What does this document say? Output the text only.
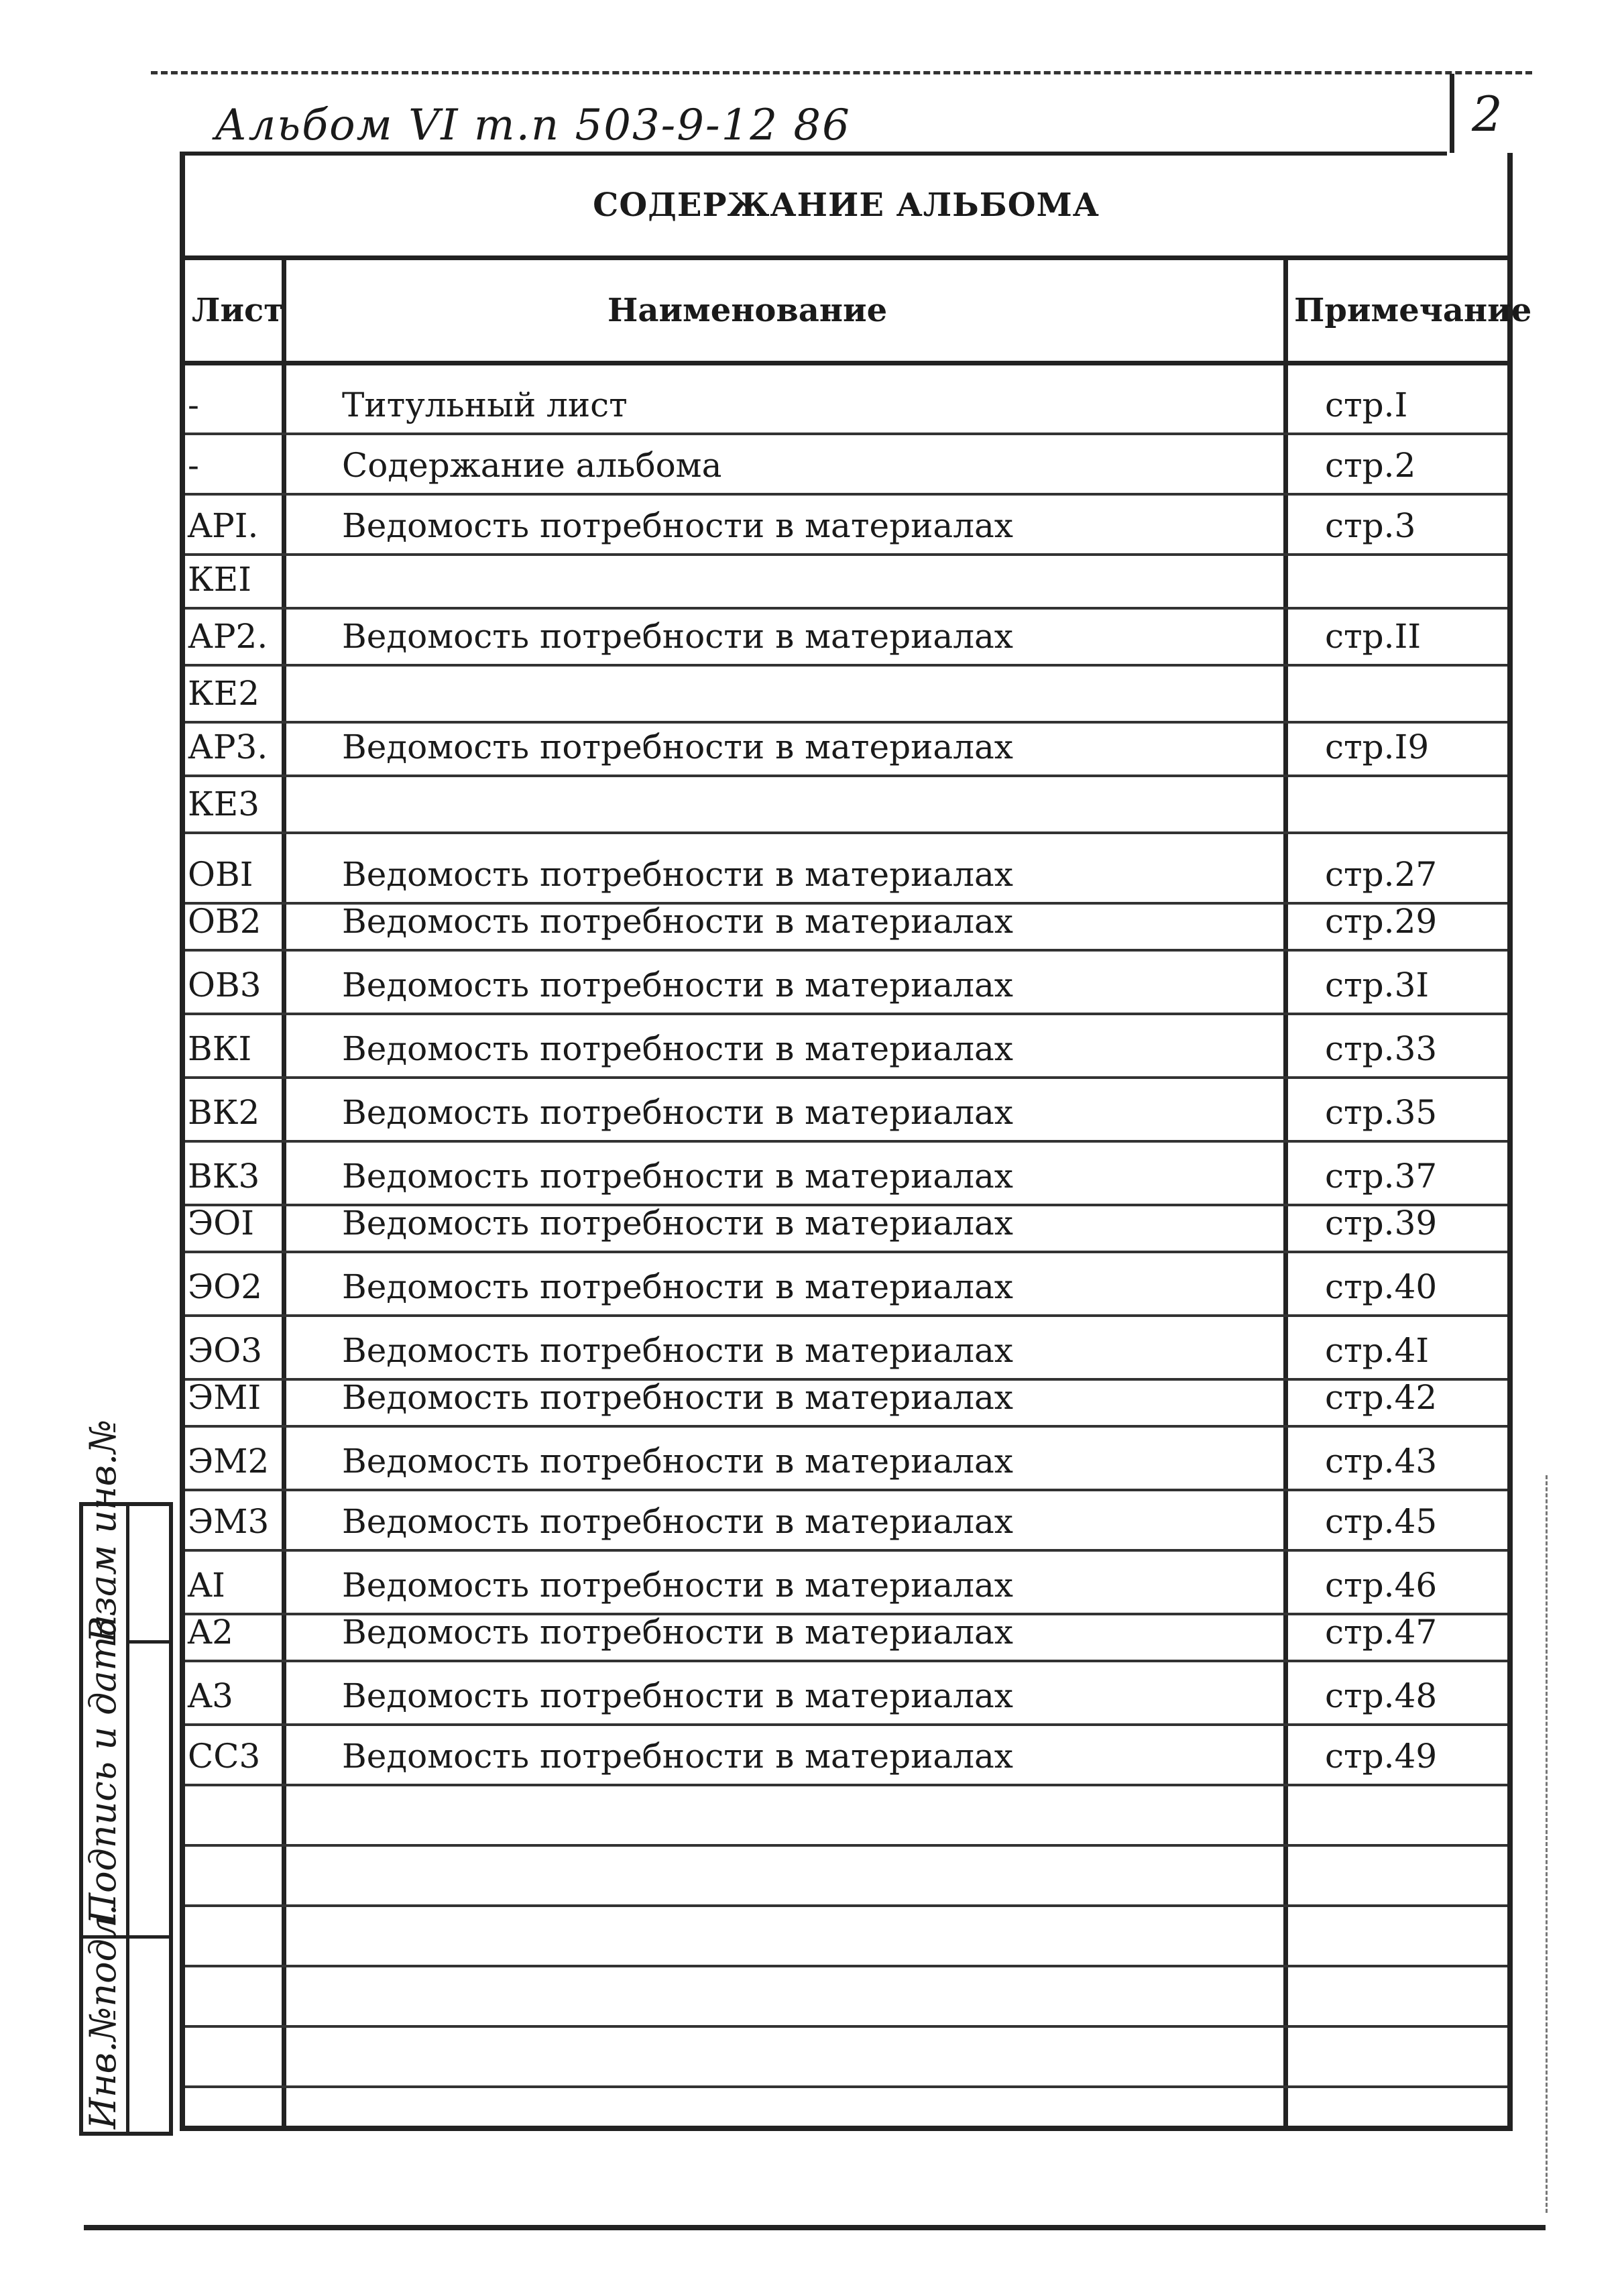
Альбом VI т.п 503-9-12 86	2
СОДЕРЖАНИЕ АЛЬБОМА
Лист	Наименование	Примечание
-	Титульный лист	стр.I
-	Содержание альбома	стр.2
API. Ведомость потребности в материалах	стр.3
КЕI
АР2. Ведомость потребности в материалах	стр.II
КЕ2
АР3. Ведомость потребности в материалах	стр.I9
КЕ3
OBI	Ведомость потребности в материалах	стр.27
OB2 Ведомость потребности в материалах	стр.29
OB3 Ведомость потребности в материалах	стр.3I
ВКI	Ведомость потребности в материалах	стр.33
ВК2 Ведомость потребности в материалах	стр.35
ВК3 Ведомость потребности в материалах	стр.37
ЭОI	Ведомость потребности в материалах	стр.39
ЭО2 Ведомость потребности в материалах	стр.40
ЭО3 Ведомость потребности в материалах	стр.4I
ЭМI Ведомость потребности в материалах	стр.42
ЭМ2 Ведомость потребности в материалах	стр.43
ЭМ3 Ведомость потребности в материалах	стр.45
AI	Ведомость потребности в материалах	стр.46
A2	Ведомость потребности в материалах	стр.47
A3	Ведомость потребности в материалах	стр.48
CC3 Ведомость потребности в материалах	стр.49
Инв.№подл.
Подпись и дата
Взам инв.№
